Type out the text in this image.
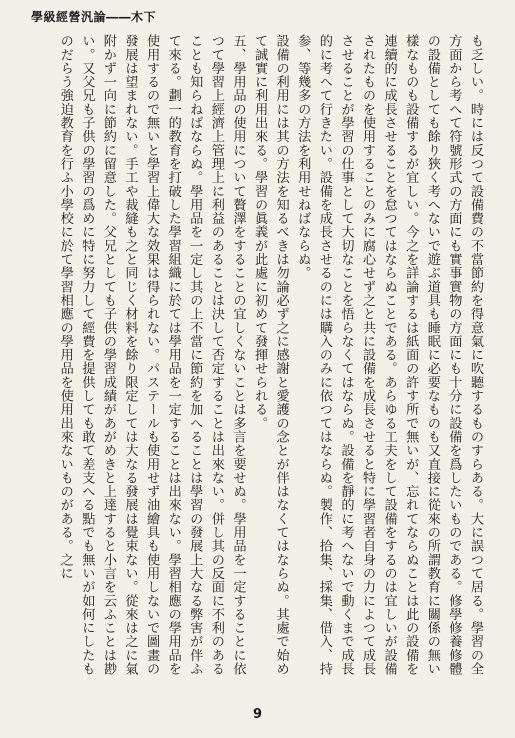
學級經營汎論――木下

も乏しい。時には反つて設備費の不當節約を得意氣に吹聽するものすらある。大に誤つて居る。學習の全方面から考へて符號形式の方面にも實事實物の方面にも十分に設備を爲したいものである。修學修養修體の設備としても餘り狹く考へないで遊ぶ道具も睡眠に必要なものも又直接に從來の所謂教育に關係の無い樣なものも設備するが宜しい。今之を詳論するは紙面の許す所で無いが、忘れてならぬことは此の設備を連續的に成長させることを怠つてはならぬことである。あらゆる工夫をして設備をするのは宜しいが設備されたものを使用することのみに腐心せず之と共に設備を成長させると特に學習者自身の力によつて成長させることが學習の仕事として大切なことを悟らなくてはならぬ。設備を靜的に考へないで動くまで成長的に考へて行きたい。設備を成長させるのには購入のみに依つてはならぬ。製作、拾集、採集、借入、持参、等幾多の方法を利用せねばならぬ。
設備の利用には其の方法を知るべきは勿論必ず之に感謝と愛護の念とが伴はなくてはならぬ。其處で始めて誠實に利用出來る。學習の眞義が此處に初めて發揮せられる。
五、學用品の使用について贅澤をすることの宜しくないことは多言を要せぬ。學用品を一定することに依つて學習上經濟上管理上に利益のあることは決して否定することは出來ない。併し其の反面に不利のあることも知らねばならぬ。學用品を一定し其の上不當に節約を加へることは學習の發展上大なる弊害が伴ふて來る。劃一的教育を打破した學習組織に於ては學用品を一定することは出來ない。學習相應の學用品を使用するので無いと學習上偉大な效果は得られない。パステールも使用せず油繪具も使用しないで圖畫の發展は望まれない。手工や裁縫も之と同じく材料を餘り限定しては大なる發展は覺束ない。從來は之に氣附かず一向に節約に留意した。父兄としても子供の學習成績があがめきと上達すると小言を云ふことは尠い。又父兄も子供の學習の爲めに特に努力して經費を提供しても敢て差支へる點でも無いが如何にしたものだらう強迫教育を行ふ小學校に於て學習相應の學用品を使用出來ないものがある。之に

9
